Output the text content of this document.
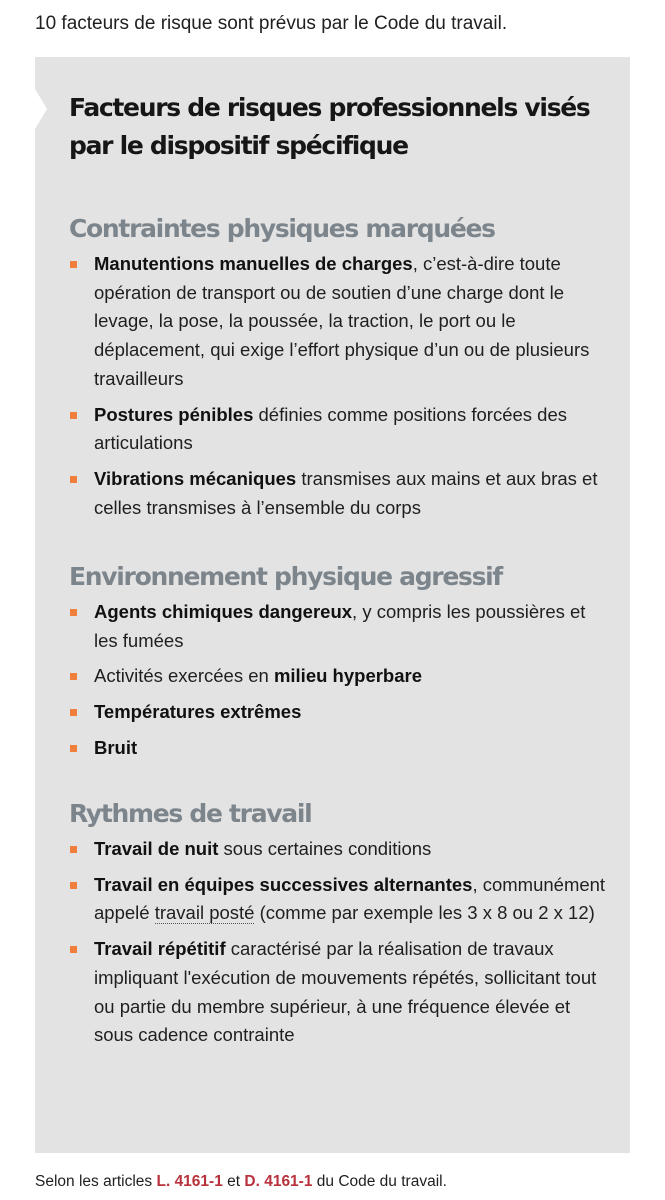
10 facteurs de risque sont prévus par le Code du travail.

Facteurs de risques professionnels visés par le dispositif spécifique
Contraintes physiques marquées
Manutentions manuelles de charges, c’est-à-dire toute opération de transport ou de soutien d’une charge dont le levage, la pose, la poussée, la traction, le port ou le déplacement, qui exige l’effort physique d’un ou de plusieurs travailleurs
Postures pénibles définies comme positions forcées des articulations
Vibrations mécaniques transmises aux mains et aux bras et celles transmises à l’ensemble du corps
Environnement physique agressif
Agents chimiques dangereux, y compris les poussières et les fumées
Activités exercées en milieu hyperbare
Températures extrêmes
Bruit
Rythmes de travail
Travail de nuit sous certaines conditions
Travail en équipes successives alternantes, communément appelé travail posté (comme par exemple les 3 x 8 ou 2 x 12)
Travail répétitif caractérisé par la réalisation de travaux impliquant l'exécution de mouvements répétés, sollicitant tout ou partie du membre supérieur, à une fréquence élevée et sous cadence contrainte

Selon les articles L. 4161-1 et D. 4161-1 du Code du travail.
